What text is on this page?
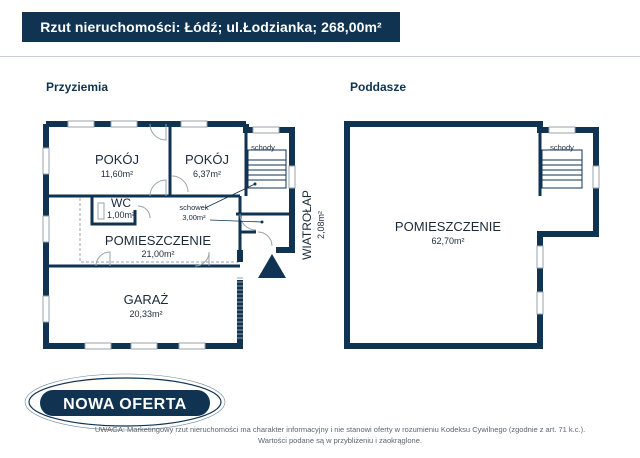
Rzut nieruchomości: Łódź; ul.Łodzianka; 268,00m²
Przyziemia	Poddasze
schody
POKÓJ
11,60m²
POKÓJ
6,37m²
WC
1,00m²
schowek
3,00m²
POMIESZCZENIE
21,00m²
GARAŻ
20,33m²
WIATROŁAP 2,08m²
schody
POMIESZCZENIE
62,70m²
NOWA OFERTA
UWAGA: Marketingowy rzut nieruchomości ma charakter informacyjny i nie stanowi oferty w rozumieniu Kodeksu Cywilnego (zgodnie z art. 71 k.c.).
Wartości podane są w przybliżeniu i zaokrąglone.
